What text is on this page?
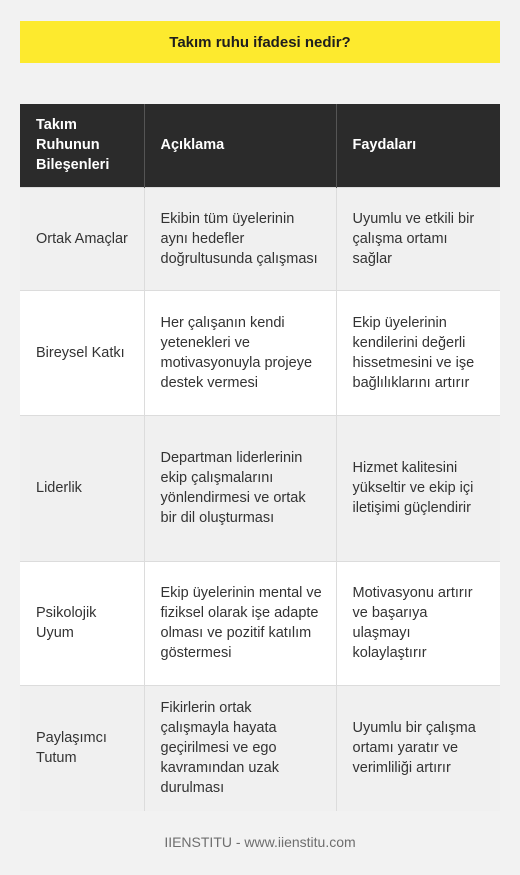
Takım ruhu ifadesi nedir?
Takım Ruhunun Bileşenleri	Açıklama	Faydaları
Ortak Amaçlar	Ekibin tüm üyelerinin aynı hedefler doğrultusunda çalışması	Uyumlu ve etkili bir çalışma ortamı sağlar
Bireysel Katkı	Her çalışanın kendi yetenekleri ve motivasyonuyla projeye destek vermesi	Ekip üyelerinin kendilerini değerli hissetmesini ve işe bağlılıklarını artırır
Liderlik	Departman liderlerinin ekip çalışmalarını yönlendirmesi ve ortak bir dil oluşturması	Hizmet kalitesini yükseltir ve ekip içi iletişimi güçlendirir
Psikolojik Uyum	Ekip üyelerinin mental ve fiziksel olarak işe adapte olması ve pozitif katılım göstermesi	Motivasyonu artırır ve başarıya ulaşmayı kolaylaştırır
Paylaşımcı Tutum	Fikirlerin ortak çalışmayla hayata geçirilmesi ve ego kavramından uzak durulması	Uyumlu bir çalışma ortamı yaratır ve verimliliği artırır
IIENSTITU - www.iienstitu.com
